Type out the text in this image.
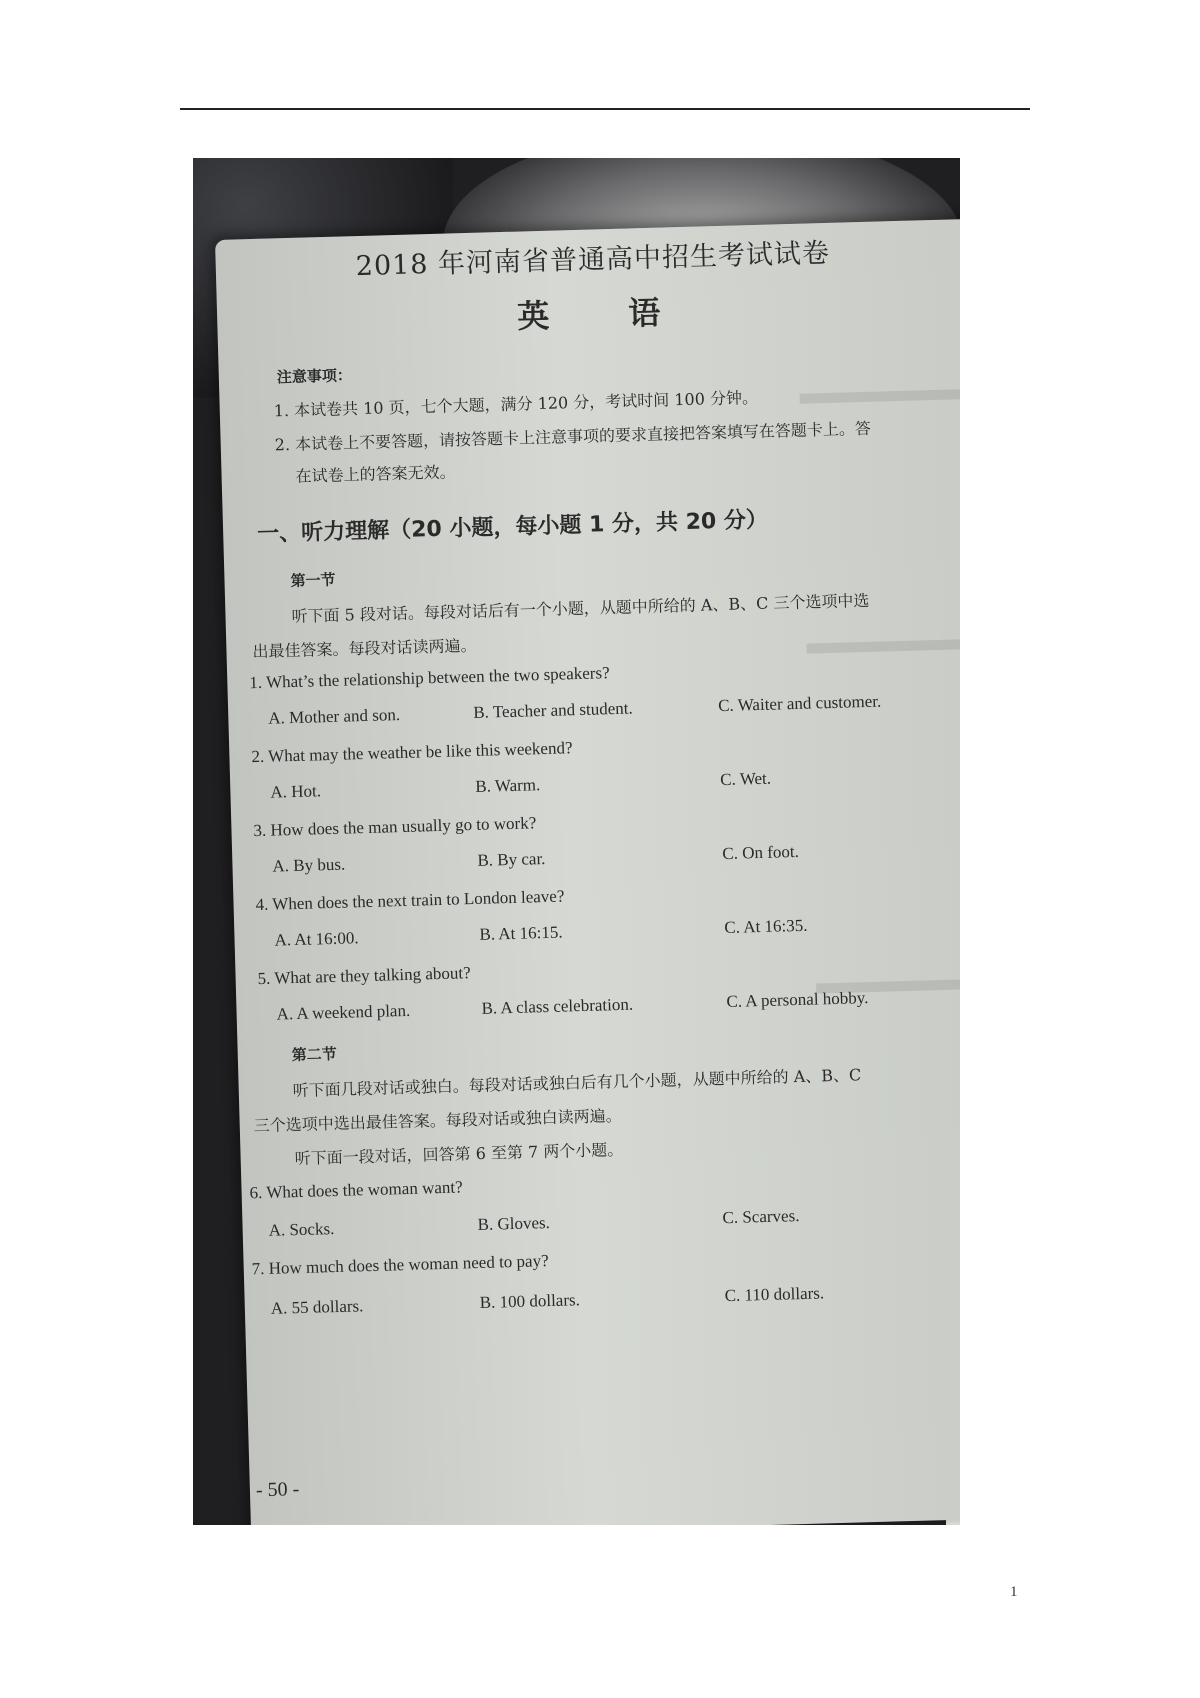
2018 年河南省普通高中招生考试试卷
英 语
注意事项：
1. 本试卷共 10 页，七个大题，满分 120 分，考试时间 100 分钟。
2. 本试卷上不要答题，请按答题卡上注意事项的要求直接把答案填写在答题卡上。答
在试卷上的答案无效。
一、听力理解（20 小题，每小题 1 分，共 20 分）
第一节
听下面 5 段对话。每段对话后有一个小题，从题中所给的 A、B、C 三个选项中选
出最佳答案。每段对话读两遍。
1. What’s the relationship between the two speakers?
A. Mother and son.	B. Teacher and student.	C. Waiter and customer.
2. What may the weather be like this weekend?
A. Hot.	B. Warm.	C. Wet.
3. How does the man usually go to work?
A. By bus.	B. By car.	C. On foot.
4. When does the next train to London leave?
A. At 16:00.	B. At 16:15.	C. At 16:35.
5. What are they talking about?
A. A weekend plan.	B. A class celebration.	C. A personal hobby.
第二节
听下面几段对话或独白。每段对话或独白后有几个小题，从题中所给的 A、B、C
三个选项中选出最佳答案。每段对话或独白读两遍。
听下面一段对话，回答第 6 至第 7 两个小题。
6. What does the woman want?
A. Socks.	B. Gloves.	C. Scarves.
7. How much does the woman need to pay?
A. 55 dollars.	B. 100 dollars.	C. 110 dollars.
- 50 -
1
